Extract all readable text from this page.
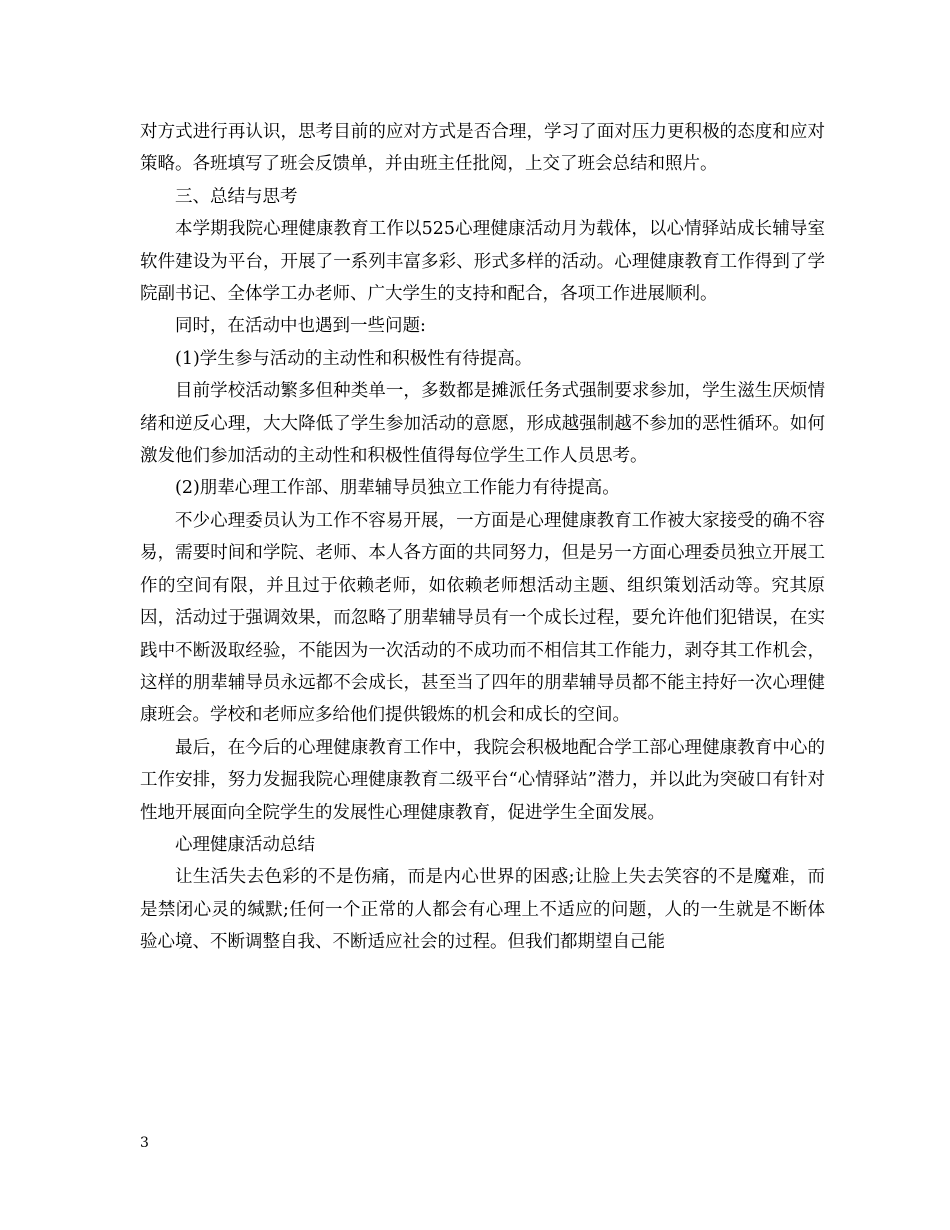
对方式进行再认识，思考目前的应对方式是否合理，学习了面对压力更积极的态度和应对策略。各班填写了班会反馈单，并由班主任批阅，上交了班会总结和照片。

三、总结与思考

本学期我院心理健康教育工作以525心理健康活动月为载体，以心情驿站成长辅导室软件建设为平台，开展了一系列丰富多彩、形式多样的活动。心理健康教育工作得到了学院副书记、全体学工办老师、广大学生的支持和配合，各项工作进展顺利。

同时，在活动中也遇到一些问题:

(1)学生参与活动的主动性和积极性有待提高。

目前学校活动繁多但种类单一，多数都是摊派任务式强制要求参加，学生滋生厌烦情绪和逆反心理，大大降低了学生参加活动的意愿，形成越强制越不参加的恶性循环。如何激发他们参加活动的主动性和积极性值得每位学生工作人员思考。

(2)朋辈心理工作部、朋辈辅导员独立工作能力有待提高。

不少心理委员认为工作不容易开展，一方面是心理健康教育工作被大家接受的确不容易，需要时间和学院、老师、本人各方面的共同努力，但是另一方面心理委员独立开展工作的空间有限，并且过于依赖老师，如依赖老师想活动主题、组织策划活动等。究其原因，活动过于强调效果，而忽略了朋辈辅导员有一个成长过程，要允许他们犯错误，在实践中不断汲取经验，不能因为一次活动的不成功而不相信其工作能力，剥夺其工作机会，这样的朋辈辅导员永远都不会成长，甚至当了四年的朋辈辅导员都不能主持好一次心理健康班会。学校和老师应多给他们提供锻炼的机会和成长的空间。

最后，在今后的心理健康教育工作中，我院会积极地配合学工部心理健康教育中心的工作安排，努力发掘我院心理健康教育二级平台“心情驿站”潜力，并以此为突破口有针对性地开展面向全院学生的发展性心理健康教育，促进学生全面发展。

心理健康活动总结

让生活失去色彩的不是伤痛，而是内心世界的困惑;让脸上失去笑容的不是魔难，而是禁闭心灵的缄默;任何一个正常的人都会有心理上不适应的问题，人的一生就是不断体验心境、不断调整自我、不断适应社会的过程。但我们都期望自己能

3
